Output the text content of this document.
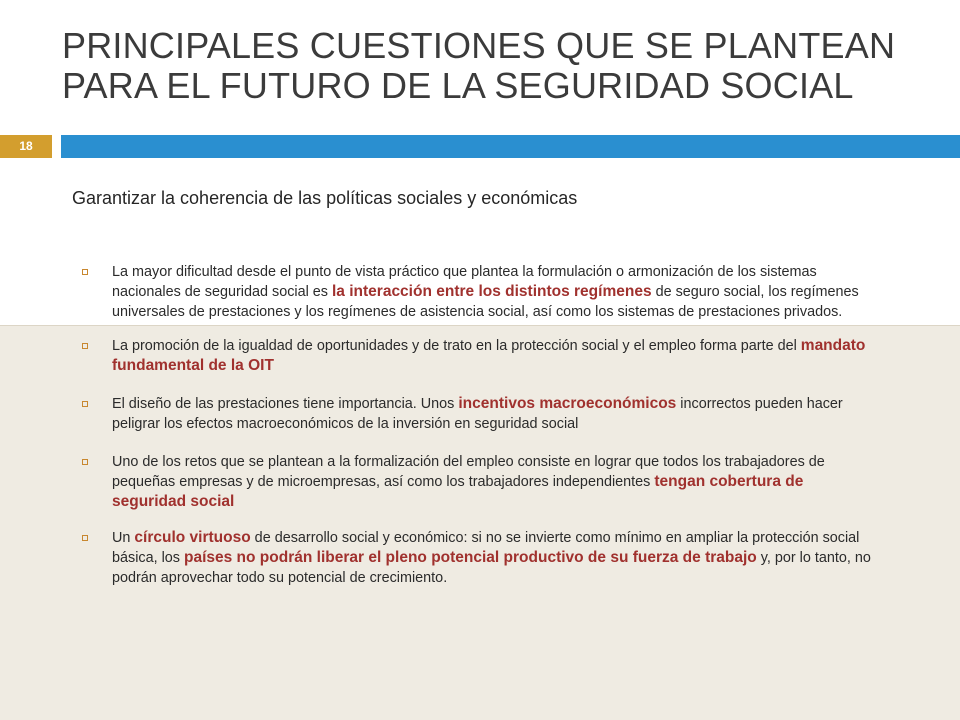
PRINCIPALES CUESTIONES QUE SE PLANTEAN
PARA EL FUTURO DE LA SEGURIDAD SOCIAL
18
Garantizar la coherencia de las políticas sociales y económicas
La mayor dificultad desde el punto de vista práctico que plantea la formulación o armonización de los sistemas nacionales de seguridad social es la interacción entre los distintos regímenes de seguro social, los regímenes universales de prestaciones y los regímenes de asistencia social, así como los sistemas de prestaciones privados.
La promoción de la igualdad de oportunidades y de trato en la protección social y el empleo forma parte del mandato fundamental de la OIT
El diseño de las prestaciones tiene importancia. Unos incentivos macroeconómicos incorrectos pueden hacer peligrar los efectos macroeconómicos de la inversión en seguridad social
Uno de los retos que se plantean a la formalización del empleo consiste en lograr que todos los trabajadores de pequeñas empresas y de microempresas, así como los trabajadores independientes tengan cobertura de seguridad social
Un círculo virtuoso de desarrollo social y económico: si no se invierte como mínimo en ampliar la protección social básica, los países no podrán liberar el pleno potencial productivo de su fuerza de trabajo y, por lo tanto, no podrán aprovechar todo su potencial de crecimiento.
